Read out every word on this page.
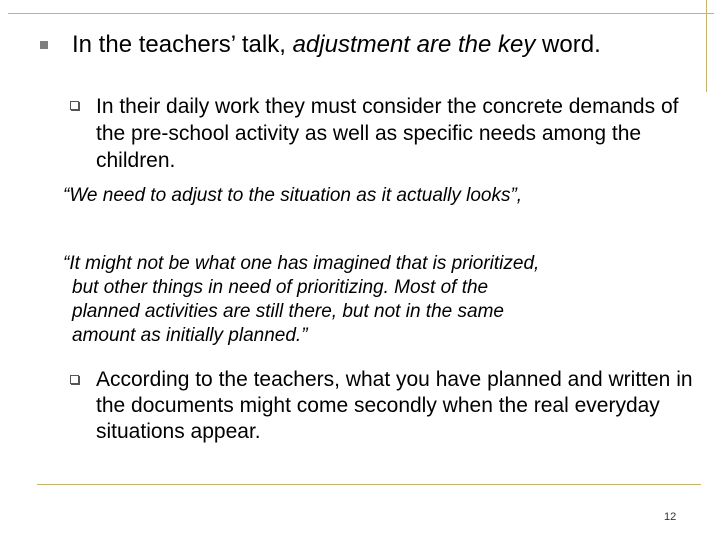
In the teachers’ talk, adjustment are the key word.

In their daily work they must consider the concrete demands of the pre-school activity as well as specific needs among the children.

“We need to adjust to the situation as it actually looks”,

“It might not be what one has imagined that is prioritized,
but other things in need of prioritizing. Most of the
planned activities are still there, but not in the same
amount as initially planned.”

According to the teachers, what you have planned and written in the documents might come secondly when the real everyday situations appear.

12
